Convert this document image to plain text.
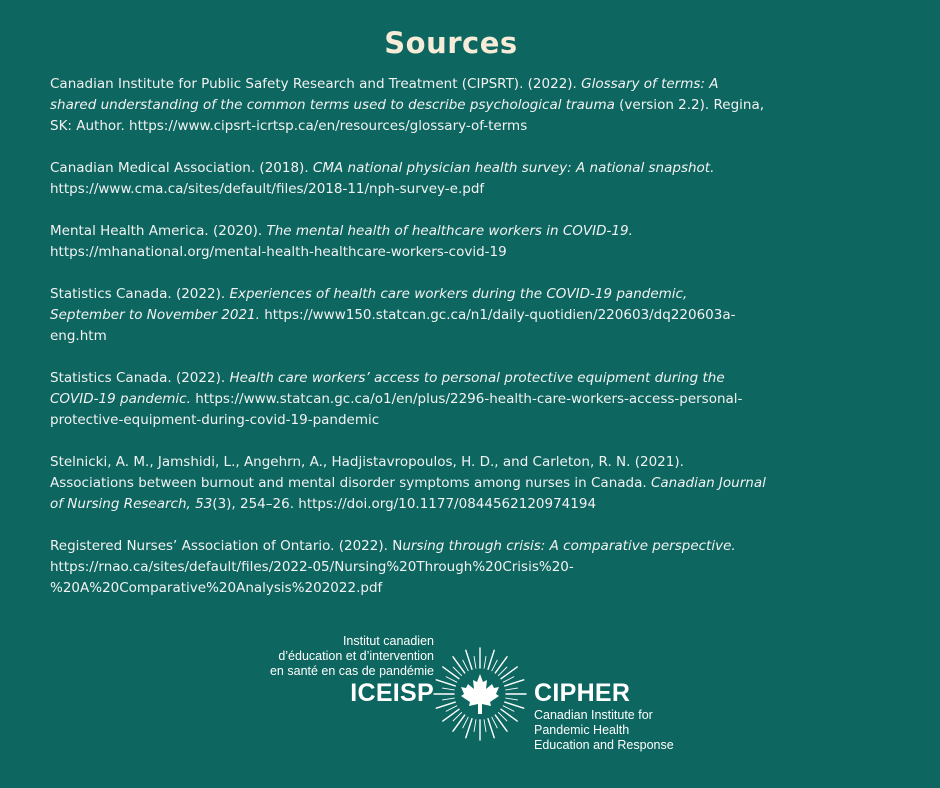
Sources

Canadian Institute for Public Safety Research and Treatment (CIPSRT). (2022). Glossary of terms: A shared understanding of the common terms used to describe psychological trauma (version 2.2). Regina, SK: Author. https://www.cipsrt-icrtsp.ca/en/resources/glossary-of-terms

Canadian Medical Association. (2018). CMA national physician health survey: A national snapshot. https://www.cma.ca/sites/default/files/2018-11/nph-survey-e.pdf

Mental Health America. (2020). The mental health of healthcare workers in COVID-19. https://mhanational.org/mental-health-healthcare-workers-covid-19

Statistics Canada. (2022). Experiences of health care workers during the COVID-19 pandemic, September to November 2021. https://www150.statcan.gc.ca/n1/daily-quotidien/220603/dq220603a-eng.htm

Statistics Canada. (2022). Health care workers’ access to personal protective equipment during the COVID-19 pandemic. https://www.statcan.gc.ca/o1/en/plus/2296-health-care-workers-access-personal-protective-equipment-during-covid-19-pandemic

Stelnicki, A. M., Jamshidi, L., Angehrn, A., Hadjistavropoulos, H. D., and Carleton, R. N. (2021). Associations between burnout and mental disorder symptoms among nurses in Canada. Canadian Journal of Nursing Research, 53(3), 254–26. https://doi.org/10.1177/0844562120974194

Registered Nurses’ Association of Ontario. (2022). Nursing through crisis: A comparative perspective. https://rnao.ca/sites/default/files/2022-05/Nursing%20Through%20Crisis%20-%20A%20Comparative%20Analysis%202022.pdf

Institut canadien
d’éducation et d’intervention
en santé en cas de pandémie
ICEISP	CIPHER
Canadian Institute for
Pandemic Health
Education and Response
